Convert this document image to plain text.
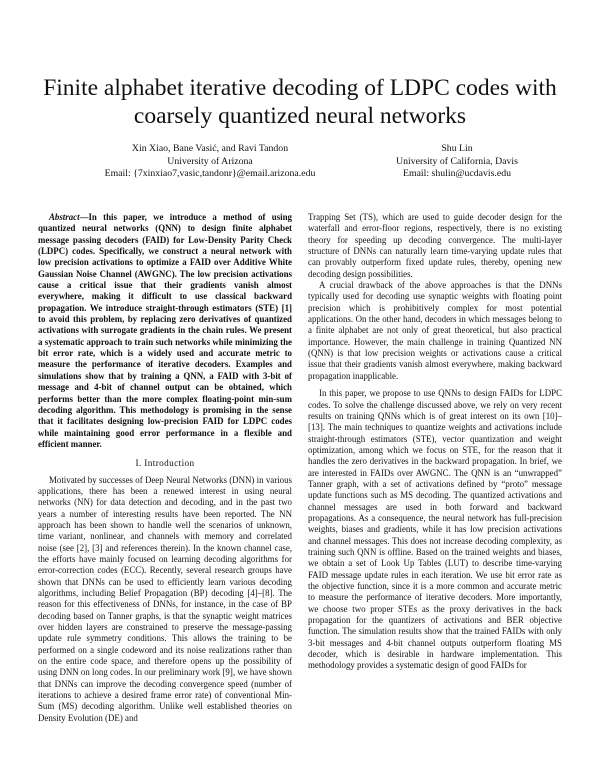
Finite alphabet iterative decoding of LDPC codes with coarsely quantized neural networks
Xin Xiao, Bane Vasić, and Ravi Tandon
University of Arizona
Email: {7xinxiao7,vasic,tandonr}@email.arizona.edu
Shu Lin
University of California, Davis
Email: shulin@ucdavis.edu

Abstract—In this paper, we introduce a method of using quantized neural networks (QNN) to design finite alphabet message passing decoders (FAID) for Low-Density Parity Check (LDPC) codes. Specifically, we construct a neural network with low precision activations to optimize a FAID over Additive White Gaussian Noise Channel (AWGNC). The low precision activations cause a critical issue that their gradients vanish almost everywhere, making it difficult to use classical backward propagation. We introduce straight-through estimators (STE) [1] to avoid this problem, by replacing zero derivatives of quantized activations with surrogate gradients in the chain rules. We present a systematic approach to train such networks while minimizing the bit error rate, which is a widely used and accurate metric to measure the performance of iterative decoders. Examples and simulations show that by training a QNN, a FAID with 3-bit of message and 4-bit of channel output can be obtained, which performs better than the more complex floating-point min-sum decoding algorithm. This methodology is promising in the sense that it facilitates designing low-precision FAID for LDPC codes while maintaining good error performance in a flexible and efficient manner.

I. Introduction

Motivated by successes of Deep Neural Networks (DNN) in various applications, there has been a renewed interest in using neural networks (NN) for data detection and decoding, and in the past two years a number of interesting results have been reported. The NN approach has been shown to handle well the scenarios of unknown, time variant, nonlinear, and channels with memory and correlated noise (see [2], [3] and references therein). In the known channel case, the efforts have mainly focused on learning decoding algorithms for error-correction codes (ECC). Recently, several research groups have shown that DNNs can be used to efficiently learn various decoding algorithms, including Belief Propagation (BP) decoding [4]–[8]. The reason for this effectiveness of DNNs, for instance, in the case of BP decoding based on Tanner graphs, is that the synaptic weight matrices over hidden layers are constrained to preserve the message-passing update rule symmetry conditions. This allows the training to be performed on a single codeword and its noise realizations rather than on the entire code space, and therefore opens up the possibility of using DNN on long codes. In our preliminary work [9], we have shown that DNNs can improve the decoding convergence speed (number of iterations to achieve a desired frame error rate) of conventional Min-Sum (MS) decoding algorithm. Unlike well established theories on Density Evolution (DE) and

Trapping Set (TS), which are used to guide decoder design for the waterfall and error-floor regions, respectively, there is no existing theory for speeding up decoding convergence. The multi-layer structure of DNNs can naturally learn time-varying update rules that can provably outperform fixed update rules, thereby, opening new decoding design possibilities.

A crucial drawback of the above approaches is that the DNNs typically used for decoding use synaptic weights with floating point precision which is prohibitively complex for most potential applications. On the other hand, decoders in which messages belong to a finite alphabet are not only of great theoretical, but also practical importance. However, the main challenge in training Quantized NN (QNN) is that low precision weights or activations cause a critical issue that their gradients vanish almost everywhere, making backward propagation inapplicable.

In this paper, we propose to use QNNs to design FAIDs for LDPC codes. To solve the challenge discussed above, we rely on very recent results on training QNNs which is of great interest on its own [10]–[13]. The main techniques to quantize weights and activations include straight-through estimators (STE), vector quantization and weight optimization, among which we focus on STE, for the reason that it handles the zero derivatives in the backward propagation. In brief, we are interested in FAIDs over AWGNC. The QNN is an “unwrapped” Tanner graph, with a set of activations defined by “proto” message update functions such as MS decoding. The quantized activations and channel messages are used in both forward and backward propagations. As a consequence, the neural network has full-precision weights, biases and gradients, while it has low precision activations and channel messages. This does not increase decoding complexity, as training such QNN is offline. Based on the trained weights and biases, we obtain a set of Look Up Tables (LUT) to describe time-varying FAID message update rules in each iteration. We use bit error rate as the objective function, since it is a more common and accurate metric to measure the performance of iterative decoders. More importantly, we choose two proper STEs as the proxy derivatives in the back propagation for the quantizers of activations and BER objective function. The simulation results show that the trained FAIDs with only 3-bit messages and 4-bit channel outputs outperform floating MS decoder, which is desirable in hardware implementation. This methodology provides a systematic design of good FAIDs for
